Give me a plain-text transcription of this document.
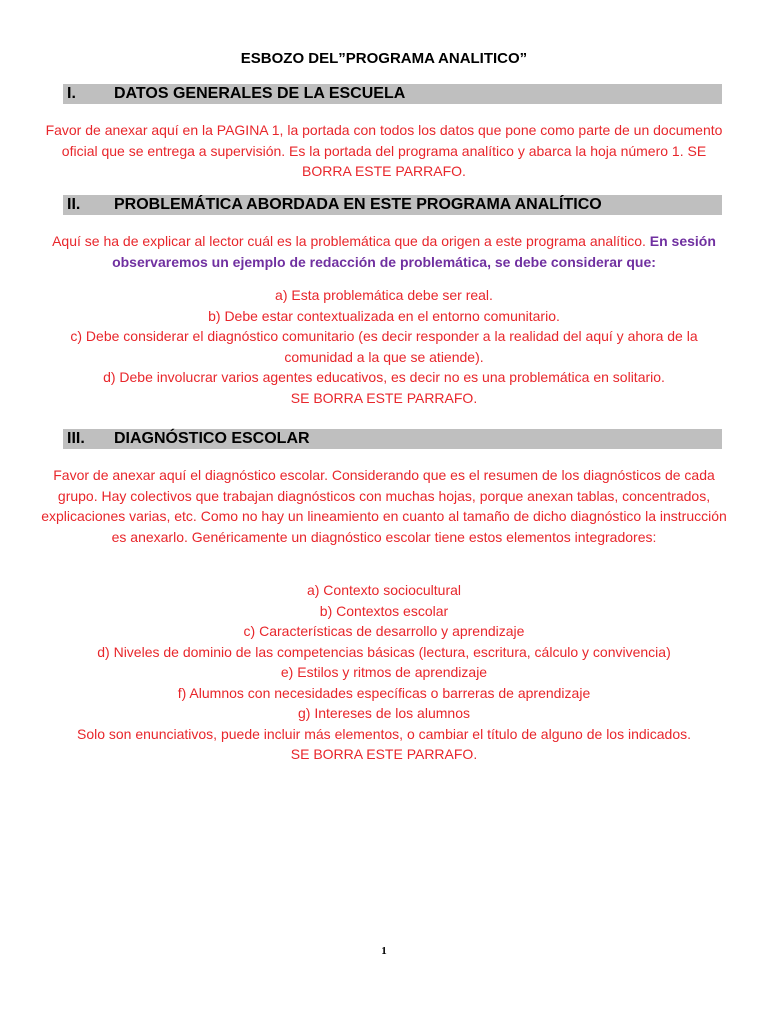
ESBOZO DEL”PROGRAMA ANALITICO”
I. DATOS GENERALES DE LA ESCUELA
Favor de anexar aquí en la PAGINA 1, la portada con todos los datos que pone como parte de un documento oficial que se entrega a supervisión. Es la portada del programa analítico y abarca la hoja número 1. SE BORRA ESTE PARRAFO.
II. PROBLEMÁTICA ABORDADA EN ESTE PROGRAMA ANALÍTICO
Aquí se ha de explicar al lector cuál es la problemática que da origen a este programa analítico. En sesión observaremos un ejemplo de redacción de problemática, se debe considerar que:
a) Esta problemática debe ser real.
b) Debe estar contextualizada en el entorno comunitario.
c) Debe considerar el diagnóstico comunitario (es decir responder a la realidad del aquí y ahora de la comunidad a la que se atiende).
d) Debe involucrar varios agentes educativos, es decir no es una problemática en solitario.
SE BORRA ESTE PARRAFO.
III. DIAGNÓSTICO ESCOLAR
Favor de anexar aquí el diagnóstico escolar. Considerando que es el resumen de los diagnósticos de cada grupo. Hay colectivos que trabajan diagnósticos con muchas hojas, porque anexan tablas, concentrados, explicaciones varias, etc. Como no hay un lineamiento en cuanto al tamaño de dicho diagnóstico la instrucción es anexarlo. Genéricamente un diagnóstico escolar tiene estos elementos integradores:
a) Contexto sociocultural
b) Contextos escolar
c) Características de desarrollo y aprendizaje
d) Niveles de dominio de las competencias básicas (lectura, escritura, cálculo y convivencia)
e) Estilos y ritmos de aprendizaje
f) Alumnos con necesidades específicas o barreras de aprendizaje
g) Intereses de los alumnos
Solo son enunciativos, puede incluir más elementos, o cambiar el título de alguno de los indicados. SE BORRA ESTE PARRAFO.
1
